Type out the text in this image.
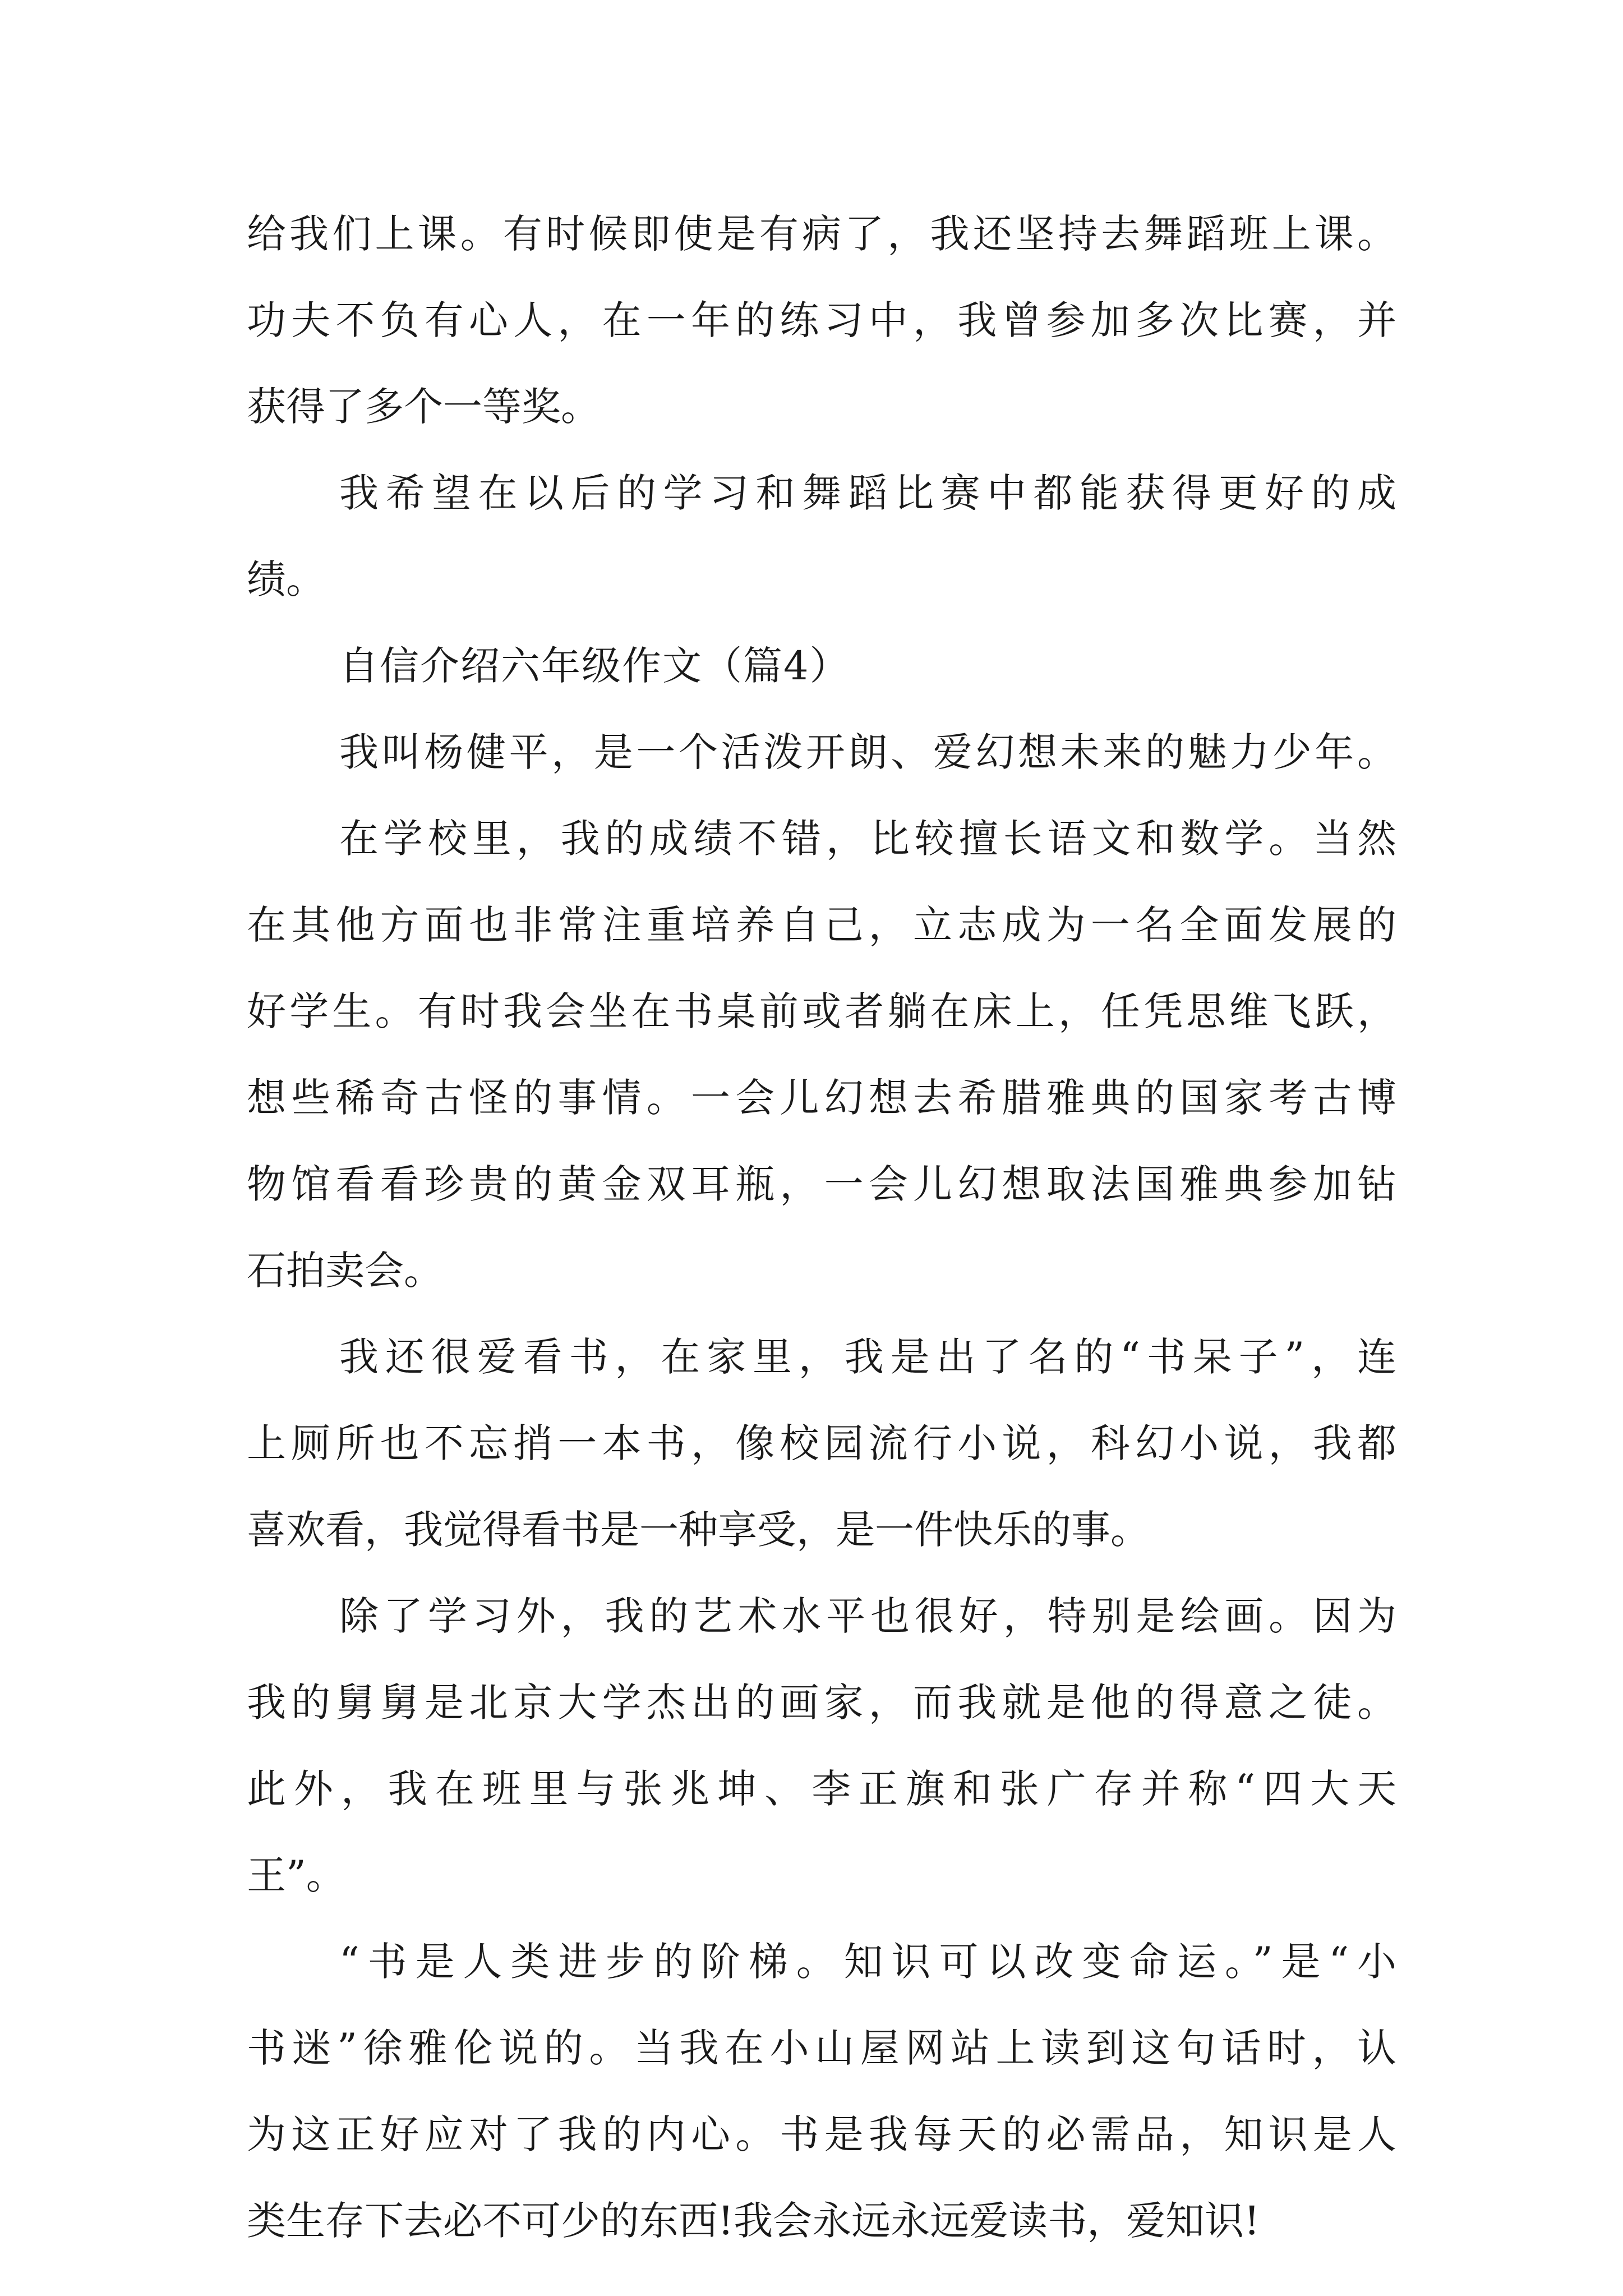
给我们上课。有时候即使是有病了，我还坚持去舞蹈班上课。
功夫不负有心人，在一年的练习中，我曾参加多次比赛，并
获得了多个一等奖。
我希望在以后的学习和舞蹈比赛中都能获得更好的成
绩。
自信介绍六年级作文（篇4）
我叫杨健平，是一个活泼开朗、爱幻想未来的魅力少年。
在学校里，我的成绩不错，比较擅长语文和数学。当然
在其他方面也非常注重培养自己，立志成为一名全面发展的
好学生。有时我会坐在书桌前或者躺在床上，任凭思维飞跃，
想些稀奇古怪的事情。一会儿幻想去希腊雅典的国家考古博
物馆看看珍贵的黄金双耳瓶，一会儿幻想取法国雅典参加钻
石拍卖会。
我还很爱看书，在家里，我是出了名的“书呆子”，连
上厕所也不忘捎一本书，像校园流行小说，科幻小说，我都
喜欢看，我觉得看书是一种享受，是一件快乐的事。
除了学习外，我的艺术水平也很好，特别是绘画。因为
我的舅舅是北京大学杰出的画家，而我就是他的得意之徒。
此外，我在班里与张兆坤、李正旗和张广存并称“四大天
王”。
“书是人类进步的阶梯。知识可以改变命运。”是“小
书迷”徐雅伦说的。当我在小山屋网站上读到这句话时，认
为这正好应对了我的内心。书是我每天的必需品，知识是人
类生存下去必不可少的东西!我会永远永远爱读书，爱知识!
